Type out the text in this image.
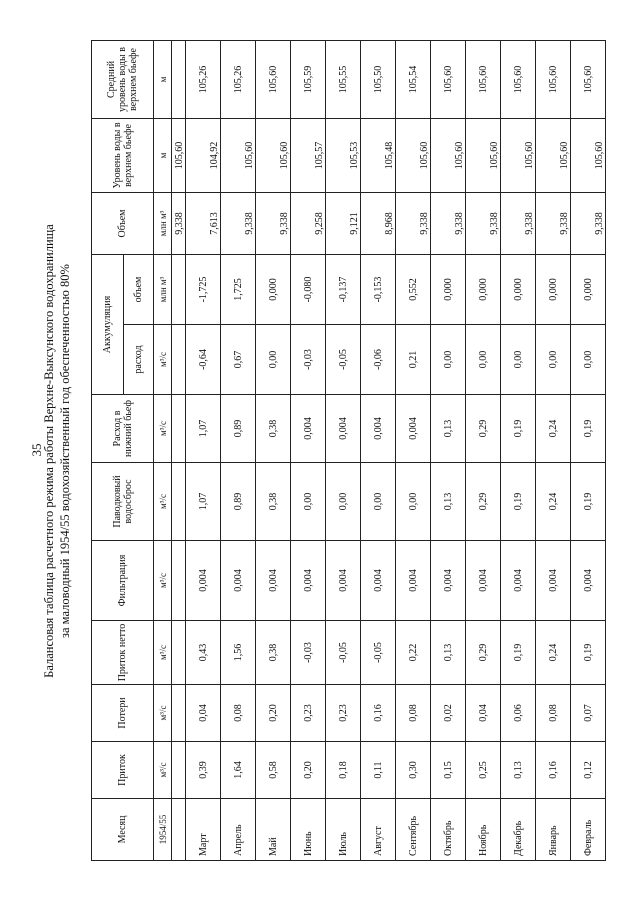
35
Балансовая таблица расчетного режима работы Верхне-Выксунского водохранилища за маловодный 1954/55 водохозяйственный год обеспеченностью 80%
Месяц	Приток	Потери	Приток нетто	Фильтрация	Паводковый водосброс	Расход в нижний бьеф	Аккумуляция		Объем	Уровень воды в верхнем бьефе	Средний уровень воды в верхнем бьефе
							расход	объем			
1954/55	м³/с	м³/с	м³/с	м³/с	м³/с	м³/с	м³/с	млн м³	млн м³	м	м
									9,338	105,60	
Март	0,39	0,04	0,43	0,004	1,07	1,07	-0,64	-1,725	7,613	104,92	105,26
Апрель	1,64	0,08	1,56	0,004	0,89	0,89	0,67	1,725	9,338	105,60	105,26
Май	0,58	0,20	0,38	0,004	0,38	0,38	0,00	0,000	9,338	105,60	105,60
Июнь	0,20	0,23	-0,03	0,004	0,00	0,004	-0,03	-0,080	9,258	105,57	105,59
Июль	0,18	0,23	-0,05	0,004	0,00	0,004	-0,05	-0,137	9,121	105,53	105,55
Август	0,11	0,16	-0,05	0,004	0,00	0,004	-0,06	-0,153	8,968	105,48	105,50
Сентябрь	0,30	0,08	0,22	0,004	0,00	0,004	0,21	0,552	9,338	105,60	105,54
Октябрь	0,15	0,02	0,13	0,004	0,13	0,13	0,00	0,000	9,338	105,60	105,60
Ноябрь	0,25	0,04	0,29	0,004	0,29	0,29	0,00	0,000	9,338	105,60	105,60
Декабрь	0,13	0,06	0,19	0,004	0,19	0,19	0,00	0,000	9,338	105,60	105,60
Январь	0,16	0,08	0,24	0,004	0,24	0,24	0,00	0,000	9,338	105,60	105,60
Февраль	0,12	0,07	0,19	0,004	0,19	0,19	0,00	0,000	9,338	105,60	105,60
